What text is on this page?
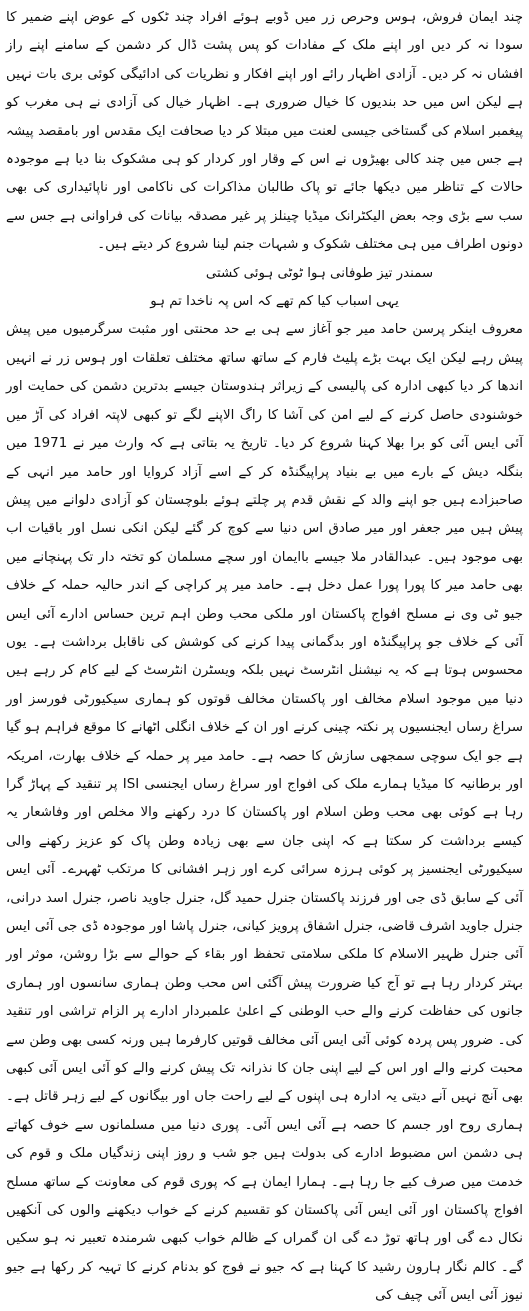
چند ایمان فروش، ہوس وحرص زر میں ڈوبے ہوئے افراد چند ٹکوں کے عوض اپنے ضمیر کا سودا نہ کر دیں اور اپنے ملک کے مفادات کو پس پشت ڈال کر دشمن کے سامنے اپنے راز افشاں نہ کر دیں۔ آزادی اظہار رائے اور اپنے افکار و نظریات کی ادائیگی کوئی بری بات نہیں ہے لیکن اس میں حد بندیوں کا خیال ضروری ہے۔ اظہار خیال کی آزادی نے ہی مغرب کو پیغمبر اسلام کی گستاخی جیسی لعنت میں مبتلا کر دیا صحافت ایک مقدس اور بامقصد پیشہ ہے جس میں چند کالی بھیڑوں نے اس کے وقار اور کردار کو ہی مشکوک بنا دیا ہے موجودہ حالات کے تناظر میں دیکھا جائے تو پاک طالبان مذاکرات کی ناکامی اور ناپائیداری کی بھی سب سے بڑی وجہ بعض الیکٹرانک میڈیا چینلز پر غیر مصدقہ بیانات کی فراوانی ہے جس سے دونوں اطراف میں ہی مختلف شکوک و شبہات جنم لینا شروع کر دیتے ہیں۔

سمندر تیز طوفانی ہوا ٹوٹی ہوئی کشتی

یہی اسباب کیا کم تھے کہ اس پہ ناخدا تم ہو

معروف اینکر پرسن حامد میر جو آغاز سے ہی بے حد محنتی اور مثبت سرگرمیوں میں پیش پیش رہے لیکن ایک بہت بڑے پلیٹ فارم کے ساتھ ساتھ مختلف تعلقات اور ہوس زر نے انہیں اندھا کر دیا کبھی ادارہ کی پالیسی کے زیراثر ہندوستان جیسے بدترین دشمن کی حمایت اور خوشنودی حاصل کرنے کے لیے امن کی آشا کا راگ الاپنے لگے تو کبھی لاپتہ افراد کی آڑ میں آئی ایس آئی کو برا بھلا کہنا شروع کر دیا۔ تاریخ یہ بتاتی ہے کہ وارث میر نے 1971 میں بنگلہ دیش کے بارے میں بے بنیاد پراپیگنڈہ کر کے اسے آزاد کروایا اور حامد میر انہی کے صاحبزادے ہیں جو اپنے والد کے نقش قدم پر چلتے ہوئے بلوچستان کو آزادی دلوانے میں پیش پیش ہیں میر جعفر اور میر صادق اس دنیا سے کوچ کر گئے لیکن انکی نسل اور باقیات اب بھی موجود ہیں۔ عبدالقادر ملا جیسے باایمان اور سچے مسلمان کو تختہ دار تک پہنچانے میں بھی حامد میر کا پورا پورا عمل دخل ہے۔ حامد میر پر کراچی کے اندر حالیہ حملہ کے خلاف جیو ٹی وی نے مسلح افواج پاکستان اور ملکی محب وطن اہم ترین حساس ادارے آئی ایس آئی کے خلاف جو پراپیگنڈہ اور بدگمانی پیدا کرنے کی کوشش کی ناقابل برداشت ہے۔ یوں محسوس ہوتا ہے کہ یہ نیشنل انٹرسٹ نہیں بلکہ ویسٹرن انٹرسٹ کے لیے کام کر رہے ہیں دنیا میں موجود اسلام مخالف اور پاکستان مخالف قوتوں کو ہماری سیکیورٹی فورسز اور سراغ رساں ایجنسیوں پر نکتہ چینی کرنے اور ان کے خلاف انگلی اٹھانے کا موقع فراہم ہو گیا ہے جو ایک سوچی سمجھی سازش کا حصہ ہے۔ حامد میر پر حملہ کے خلاف بھارت، امریکہ اور برطانیہ کا میڈیا ہمارے ملک کی افواج اور سراغ رساں ایجنسی ISI پر تنقید کے پہاڑ گرا رہا ہے کوئی بھی محب وطن اسلام اور پاکستان کا درد رکھنے والا مخلص اور وفاشعار یہ کیسے برداشت کر سکتا ہے کہ اپنی جان سے بھی زیادہ وطن پاک کو عزیز رکھنے والی سیکیورٹی ایجنسیز پر کوئی ہرزہ سرائی کرے اور زہر افشانی کا مرتکب ٹھہرے۔ آئی ایس آئی کے سابق ڈی جی اور فرزند پاکستان جنرل حمید گل، جنرل جاوید ناصر، جنرل اسد درانی، جنرل جاوید اشرف قاضی، جنرل اشفاق پرویز کیانی، جنرل پاشا اور موجودہ ڈی جی آئی ایس آئی جنرل ظہیر الاسلام کا ملکی سلامتی تحفظ اور بقاء کے حوالے سے بڑا روشن، موثر اور بہتر کردار رہا ہے تو آج کیا ضرورت پیش آگئی اس محب وطن ہماری سانسوں اور ہماری جانوں کی حفاظت کرنے والے حب الوطنی کے اعلیٰ علمبردار ادارے پر الزام تراشی اور تنقید کی۔ ضرور پس پردہ کوئی آئی ایس آئی مخالف قوتیں کارفرما ہیں ورنہ کسی بھی وطن سے محبت کرنے والے اور اس کے لیے اپنی جان کا نذرانہ تک پیش کرنے والے کو آئی ایس آئی کبھی بھی آنچ نہیں آنے دیتی یہ ادارہ ہی اپنوں کے لیے راحت جاں اور بیگانوں کے لیے زہر قاتل ہے۔ ہماری روح اور جسم کا حصہ ہے آئی ایس آئی۔ پوری دنیا میں مسلمانوں سے خوف کھاتے ہی دشمن اس مضبوط ادارے کی بدولت ہیں جو شب و روز اپنی زندگیاں ملک و قوم کی خدمت میں صرف کیے جا رہا ہے۔ ہمارا ایمان ہے کہ پوری قوم کی معاونت کے ساتھ مسلح افواج پاکستان اور آئی ایس آئی پاکستان کو تقسیم کرنے کے خواب دیکھنے والوں کی آنکھیں نکال دے گی اور ہاتھ توڑ دے گی ان گمراں کے ظالم خواب کبھی شرمندہ تعبیر نہ ہو سکیں گے۔ کالم نگار ہارون رشید کا کہنا ہے کہ جیو نے فوج کو بدنام کرنے کا تہیہ کر رکھا ہے جیو نیوز آئی ایس آئی چیف کی
